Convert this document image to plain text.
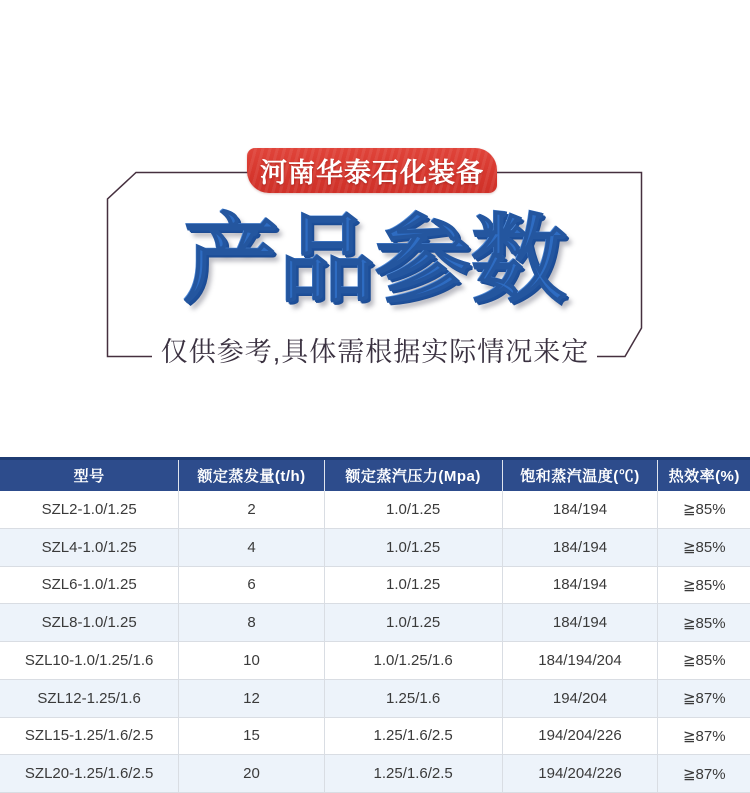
河南华泰石化装备
产品参数
仅供参考,具体需根据实际情况来定
型号	额定蒸发量(t/h)	额定蒸汽压力(Mpa)	饱和蒸汽温度(℃)	热效率(%)
SZL2-1.0/1.25	2	1.0/1.25	184/194	≧85%
SZL4-1.0/1.25	4	1.0/1.25	184/194	≧85%
SZL6-1.0/1.25	6	1.0/1.25	184/194	≧85%
SZL8-1.0/1.25	8	1.0/1.25	184/194	≧85%
SZL10-1.0/1.25/1.6	10	1.0/1.25/1.6	184/194/204	≧85%
SZL12-1.25/1.6	12	1.25/1.6	194/204	≧87%
SZL15-1.25/1.6/2.5	15	1.25/1.6/2.5	194/204/226	≧87%
SZL20-1.25/1.6/2.5	20	1.25/1.6/2.5	194/204/226	≧87%
